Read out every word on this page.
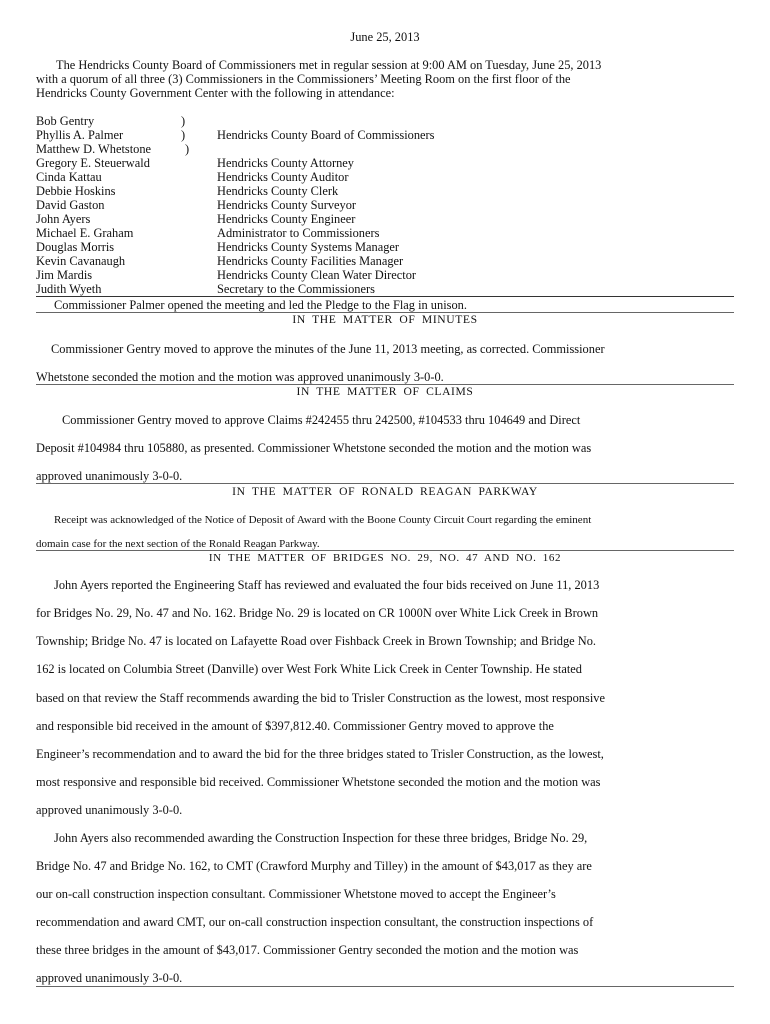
June 25, 2013
The Hendricks County Board of Commissioners met in regular session at 9:00 AM on Tuesday, June 25, 2013
with a quorum of all three (3) Commissioners in the Commissioners’ Meeting Room on the first floor of the
Hendricks County Government Center with the following in attendance:
Bob Gentry	)
Phyllis A. Palmer	)	Hendricks County Board of Commissioners
Matthew D. Whetstone	)
Gregory E. Steuerwald	Hendricks County Attorney
Cinda Kattau	Hendricks County Auditor
Debbie Hoskins	Hendricks County Clerk
David Gaston	Hendricks County Surveyor
John Ayers	Hendricks County Engineer
Michael E. Graham	Administrator to Commissioners
Douglas Morris	Hendricks County Systems Manager
Kevin Cavanaugh	Hendricks County Facilities Manager
Jim Mardis	Hendricks County Clean Water Director
Judith Wyeth	Secretary to the Commissioners
Commissioner Palmer opened the meeting and led the Pledge to the Flag in unison.
IN THE MATTER OF MINUTES
Commissioner Gentry moved to approve the minutes of the June 11, 2013 meeting, as corrected. Commissioner
Whetstone seconded the motion and the motion was approved unanimously 3-0-0.
IN THE MATTER OF CLAIMS
Commissioner Gentry moved to approve Claims #242455 thru 242500, #104533 thru 104649 and Direct
Deposit #104984 thru 105880, as presented. Commissioner Whetstone seconded the motion and the motion was
approved unanimously 3-0-0.
IN THE MATTER OF RONALD REAGAN PARKWAY
Receipt was acknowledged of the Notice of Deposit of Award with the Boone County Circuit Court regarding the eminent
domain case for the next section of the Ronald Reagan Parkway.
IN THE MATTER OF BRIDGES NO. 29, NO. 47 AND NO. 162
John Ayers reported the Engineering Staff has reviewed and evaluated the four bids received on June 11, 2013
for Bridges No. 29, No. 47 and No. 162. Bridge No. 29 is located on CR 1000N over White Lick Creek in Brown
Township; Bridge No. 47 is located on Lafayette Road over Fishback Creek in Brown Township; and Bridge No.
162 is located on Columbia Street (Danville) over West Fork White Lick Creek in Center Township. He stated
based on that review the Staff recommends awarding the bid to Trisler Construction as the lowest, most responsive
and responsible bid received in the amount of $397,812.40. Commissioner Gentry moved to approve the
Engineer’s recommendation and to award the bid for the three bridges stated to Trisler Construction, as the lowest,
most responsive and responsible bid received. Commissioner Whetstone seconded the motion and the motion was
approved unanimously 3-0-0.
John Ayers also recommended awarding the Construction Inspection for these three bridges, Bridge No. 29,
Bridge No. 47 and Bridge No. 162, to CMT (Crawford Murphy and Tilley) in the amount of $43,017 as they are
our on-call construction inspection consultant. Commissioner Whetstone moved to accept the Engineer’s
recommendation and award CMT, our on-call construction inspection consultant, the construction inspections of
these three bridges in the amount of $43,017. Commissioner Gentry seconded the motion and the motion was
approved unanimously 3-0-0.
